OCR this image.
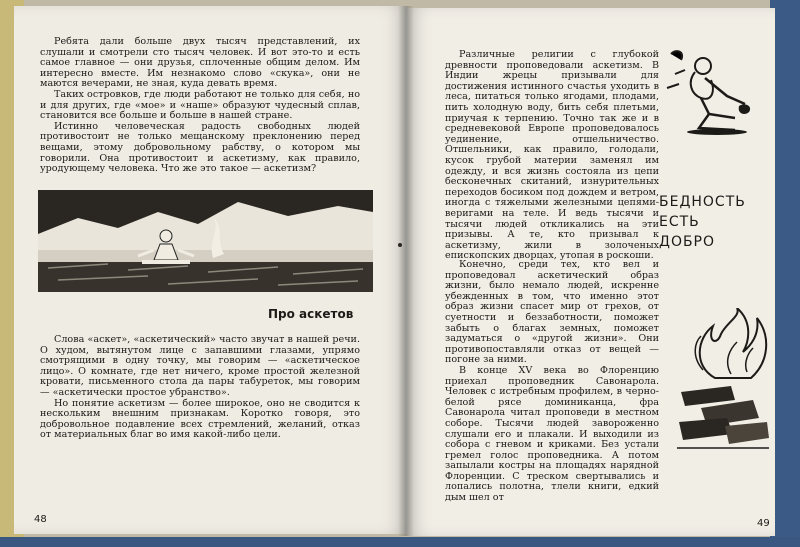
Ребята дали больше двух тысяч представлений, их слушали и смотрели сто тысяч человек. И вот это-то и есть самое главное — они друзья, сплоченные общим делом. Им интересно вместе. Им незнакомо слово «скука», они не маются вечерами, не зная, куда девать время.

Таких островков, где люди работают не только для себя, но и для других, где «мое» и «наше» образуют чудесный сплав, становится все больше и больше в нашей стране.

Истинно человеческая радость свободных людей противостоит не только мещанскому преклонению перед вещами, этому добровольному рабству, о котором мы говорили. Она противостоит и аскетизму, как правило, уродующему человека. Что же это такое — аскетизм?

Про аскетов

Слова «аскет», «аскетический» часто звучат в нашей речи. О худом, вытянутом лице с запавшими глазами, упрямо смотрящими в одну точку, мы говорим — «аскетическое лицо». О комнате, где нет ничего, кроме простой железной кровати, письменного стола да пары табуреток, мы говорим — «аскетически простое убранство».

Но понятие аскетизм — более широкое, оно не сводится к нескольким внешним признакам. Коротко говоря, это добровольное подавление всех стремлений, желаний, отказ от материальных благ во имя какой-либо цели.

48

Различные религии с глубокой древности проповедовали аскетизм. В Индии жрецы призывали для достижения истинного счастья уходить в леса, питаться только ягодами, плодами, пить холодную воду, бить себя плетьми, приучая к терпению. Точно так же и в средневековой Европе проповедовалось уединение, отшельничество. Отшельники, как правило, голодали, кусок грубой материи заменял им одежду, и вся жизнь состояла из цепи бесконечных скитаний, изнурительных переходов босиком под дождем и ветром, иногда с тяжелыми железными цепями-веригами на теле. И ведь тысячи и тысячи людей откликались на эти призывы. А те, кто призывал к аскетизму, жили в золоченых епископских дворцах, утопая в роскоши.

БЕДНОСТЬ
ЕСТЬ
ДОБРО

Конечно, среди тех, кто вел и проповедовал аскетический образ жизни, было немало людей, искренне убежденных в том, что именно этот образ жизни спасет мир от грехов, от суетности и беззаботности, поможет забыть о благах земных, поможет задуматься о «другой жизни». Они противопоставляли отказ от вещей — погоне за ними.

В конце XV века во Флоренцию приехал проповедник Савонарола. Человек с истребным профилем, в черно-белой рясе доминиканца, фра Савонарола читал проповеди в местном соборе. Тысячи людей завороженно слушали его и плакали. И выходили из собора с гневом и криками. Без устали гремел голос проповедника. А потом запылали костры на площадях нарядной Флоренции. С треском свертывались и лопались полотна, тлели книги, едкий дым шел от

49
